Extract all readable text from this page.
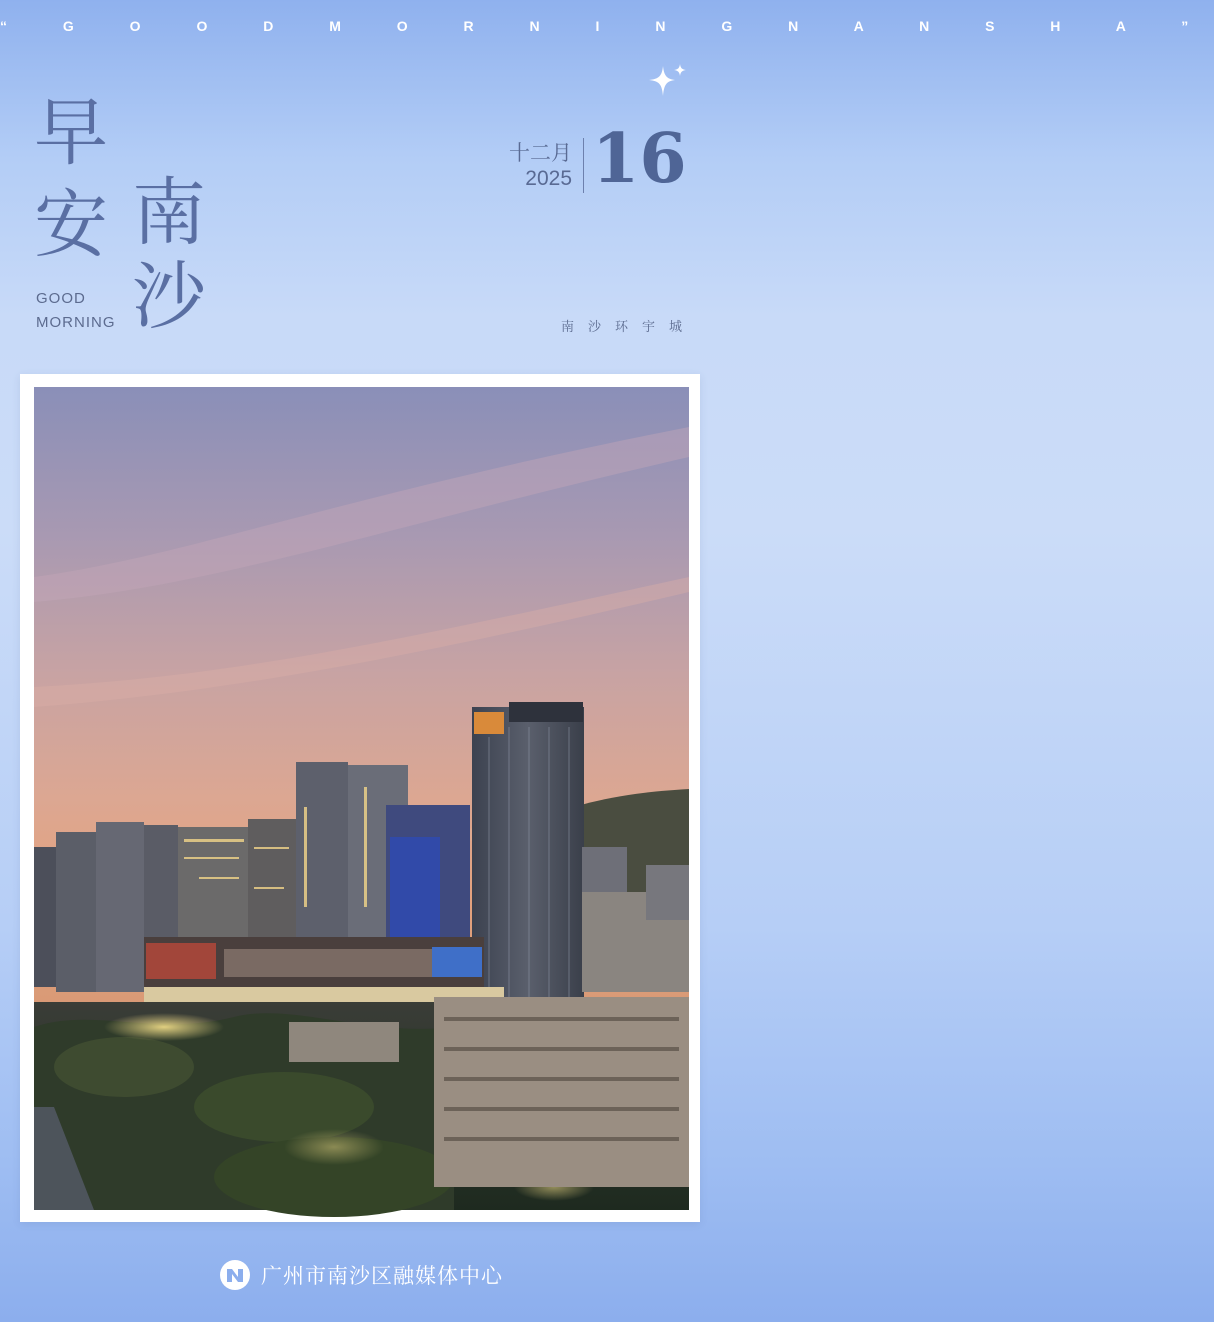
“ G O O D M O R N I N G N A N S H A ”
早
安 南
沙
GOOD
MORNING
十二月
2025 16
南沙环宇城
广州市南沙区融媒体中心
